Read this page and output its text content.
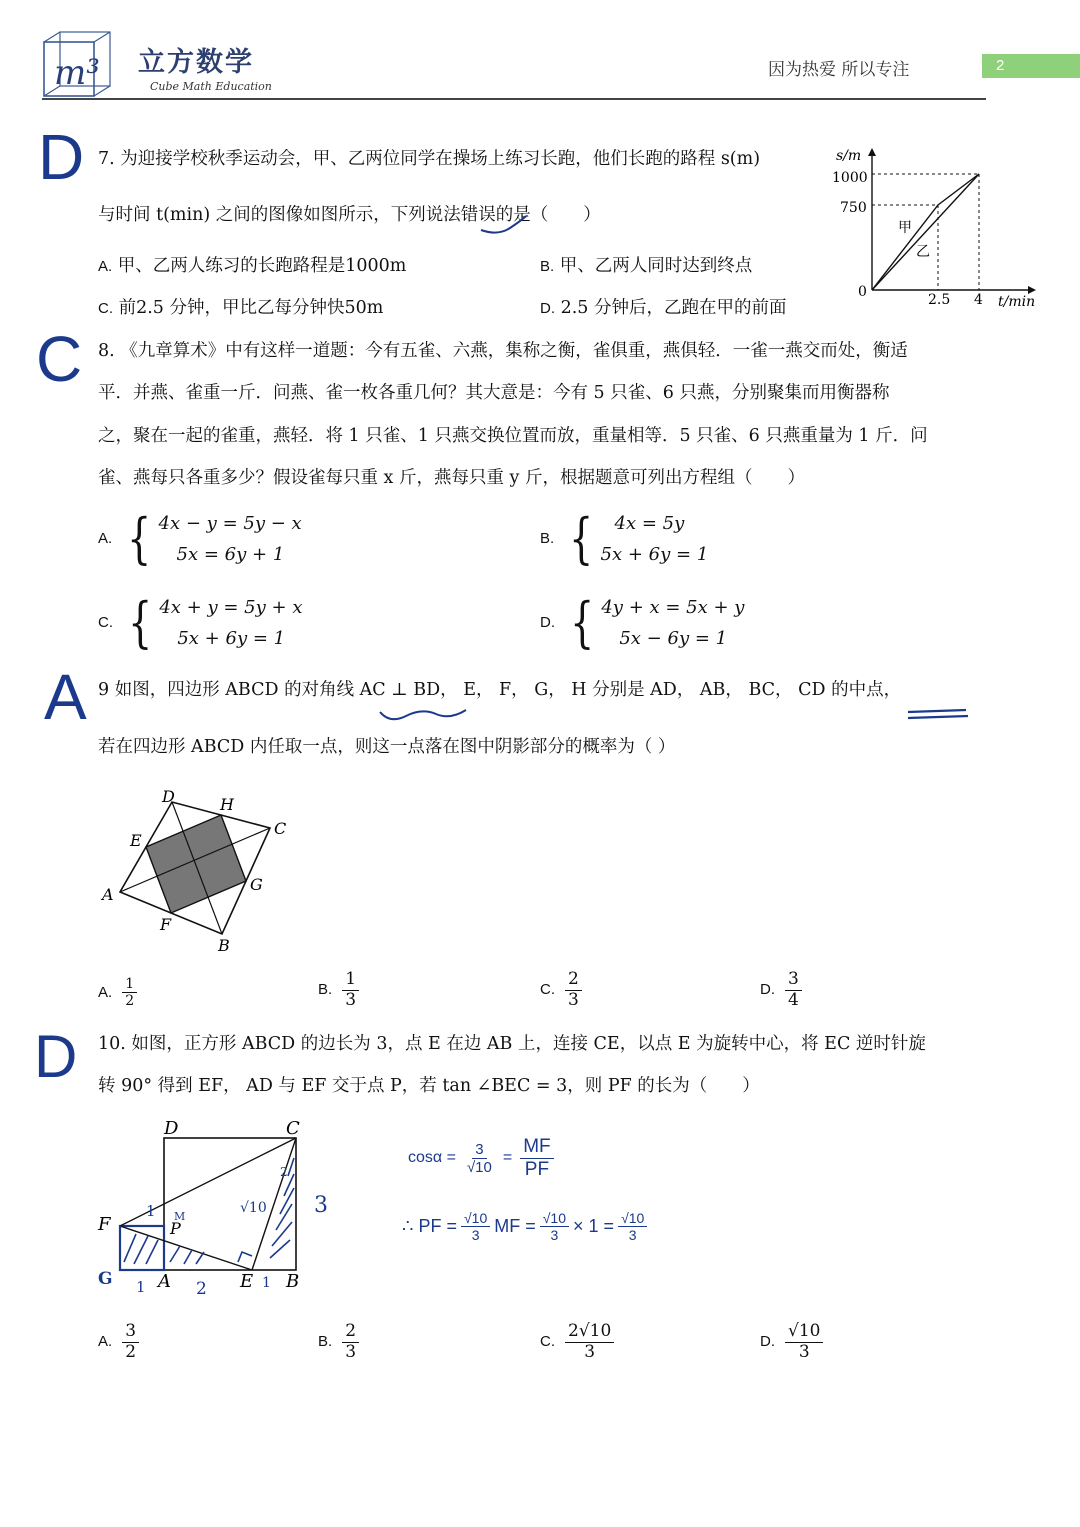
m³ 立方数学
Cube Math Education
因为热爱 所以专注	2
D
C
A
D
7. 为迎接学校秋季运动会，甲、乙两位同学在操场上练习长跑，他们长跑的路程 s(m)
与时间 t(min) 之间的图像如图所示，下列说法错误的是（　　）
A. 甲、乙两人练习的长跑路程是1000m	B. 甲、乙两人同时达到终点
C. 前2.5 分钟，甲比乙每分钟快50m	D. 2.5 分钟后，乙跑在甲的前面
s/m
1000
750
0	2.5 4 t/min
甲
乙
8. 《九章算术》中有这样一道题：今有五雀、六燕，集称之衡，雀俱重，燕俱轻．一雀一燕交而处，衡适
平．并燕、雀重一斤．问燕、雀一枚各重几何？其大意是：今有 5 只雀、6 只燕，分别聚集而用衡器称
之，聚在一起的雀重，燕轻．将 1 只雀、1 只燕交换位置而放，重量相等．5 只雀、6 只燕重量为 1 斤．问
雀、燕每只各重多少？假设雀每只重 x 斤，燕每只重 y 斤，根据题意可列出方程组（　　）
A. { 4x − y = 5y − x
5x = 6y + 1
B. {	4x = 5y
5x + 6y = 1
C. { 4x + y = 5y + x
5x + 6y = 1
D. { 4y + x = 5x + y
5x − 6y = 1
9 如图，四边形 ABCD 的对角线 AC ⊥ BD， E， F， G， H 分别是 AD， AB， BC， CD 的中点，
若在四边形 ABCD 内任取一点，则这一点落在图中阴影部分的概率为（ ）
D	H
C
E
G
A
F
B
A. $\frac{1}{2}$	B. $\frac{1}{3}$	C. $\frac{2}{3}$	D. $\frac{3}{4}$
10. 如图，正方形 ABCD 的边长为 3，点 E 在边 AB 上，连接 CE，以点 E 为旋转中心，将 EC 逆时针旋
转 90° 得到 EF， AD 与 EF 交于点 P，若 tan ∠BEC = 3，则 PF 的长为（　　）
D	C
F	P
G	A	E B
M
1
1	2
3
√10
1
2
$\cos\alpha = \frac{3}{√10} = \frac{MF}{PF}$
∴ PF = $\frac{√10}{3}$ MF = $\frac{√10}{3} \times 1 = \frac{√10}{3}$
A. $\frac{3}{2}$	B. $\frac{2}{3}$	C. $\frac{2√10}{3}$	D. $\frac{√10}{3}$
